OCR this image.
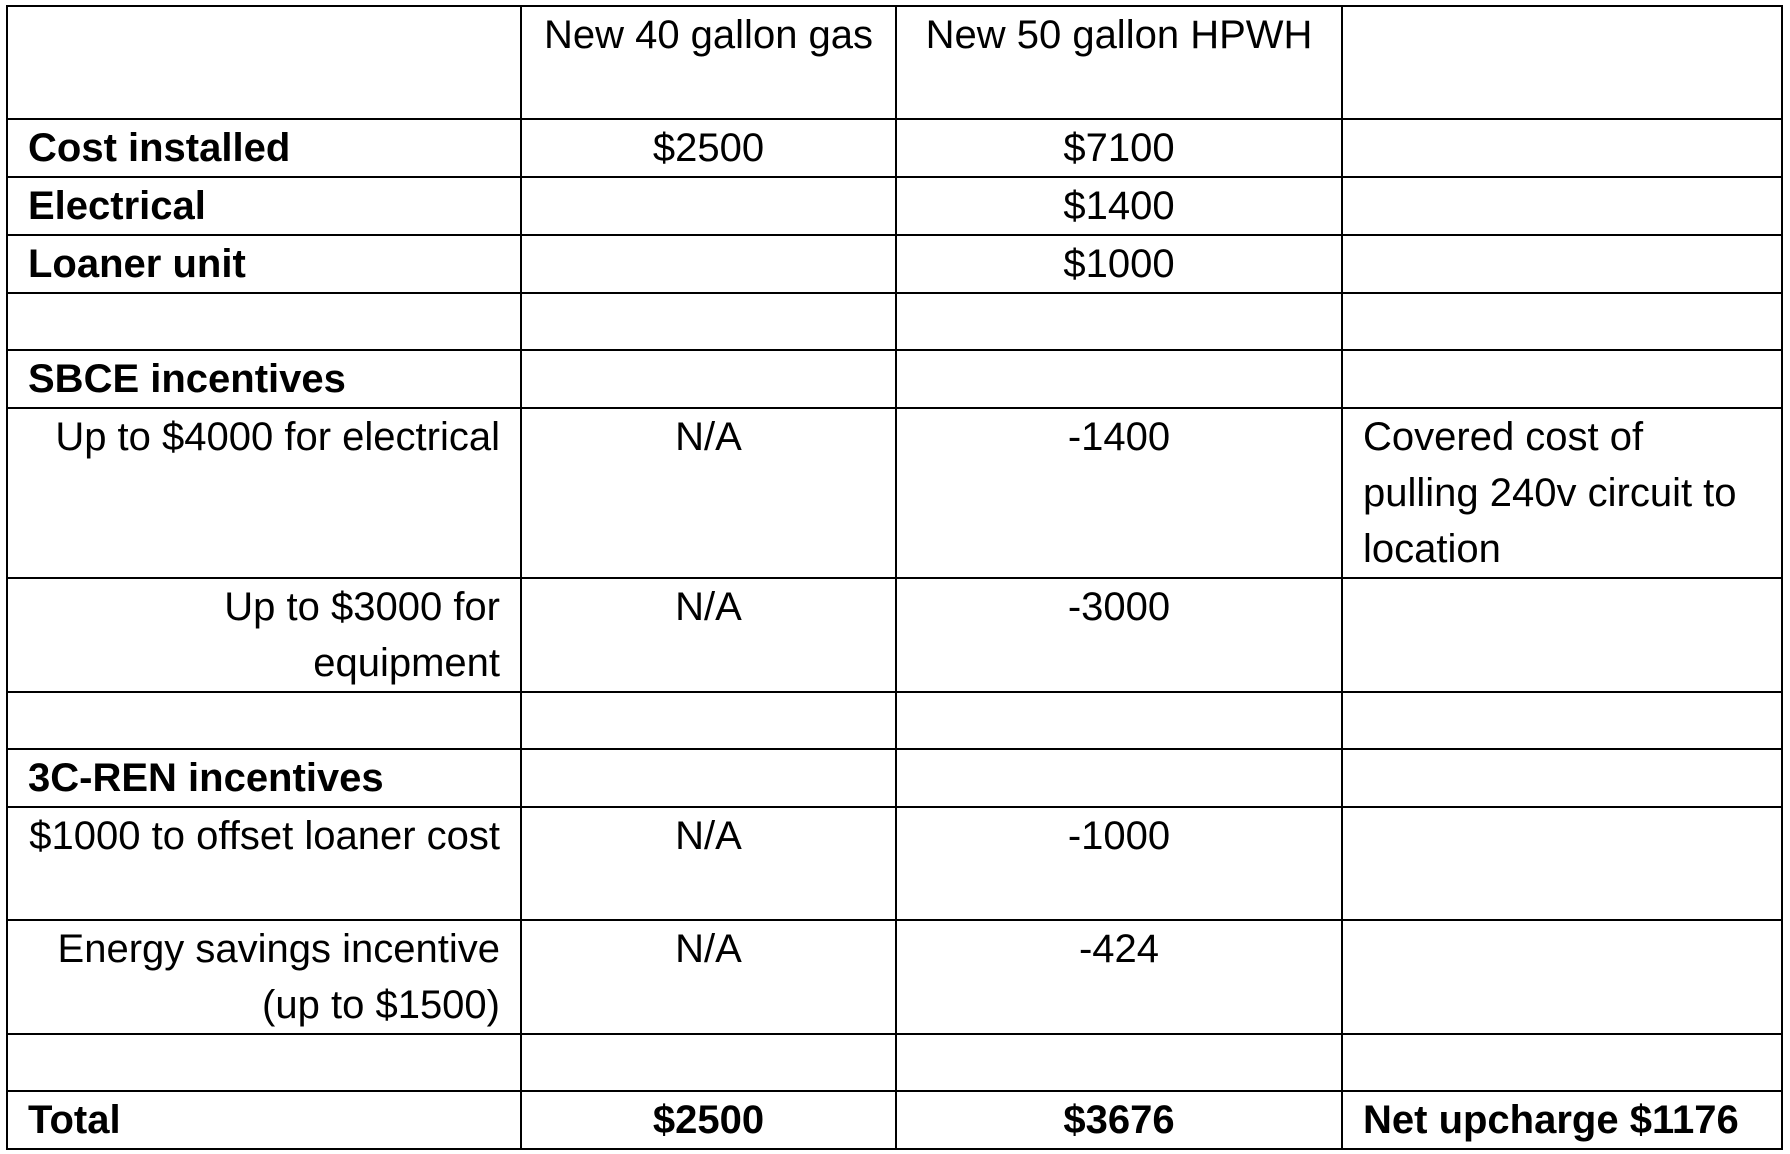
	New 40 gallon gas	New 50 gallon HPWH	
Cost installed	$2500	$7100	
Electrical		$1400	
Loaner unit		$1000	

SBCE incentives			
Up to $4000 for electrical	N/A	-1400	Covered cost of pulling 240v circuit to location
Up to $3000 for equipment	N/A	-3000	

3C-REN incentives			
$1000 to offset loaner cost	N/A	-1000	
Energy savings incentive (up to $1500)	N/A	-424	

Total	$2500	$3676	Net upcharge $1176
